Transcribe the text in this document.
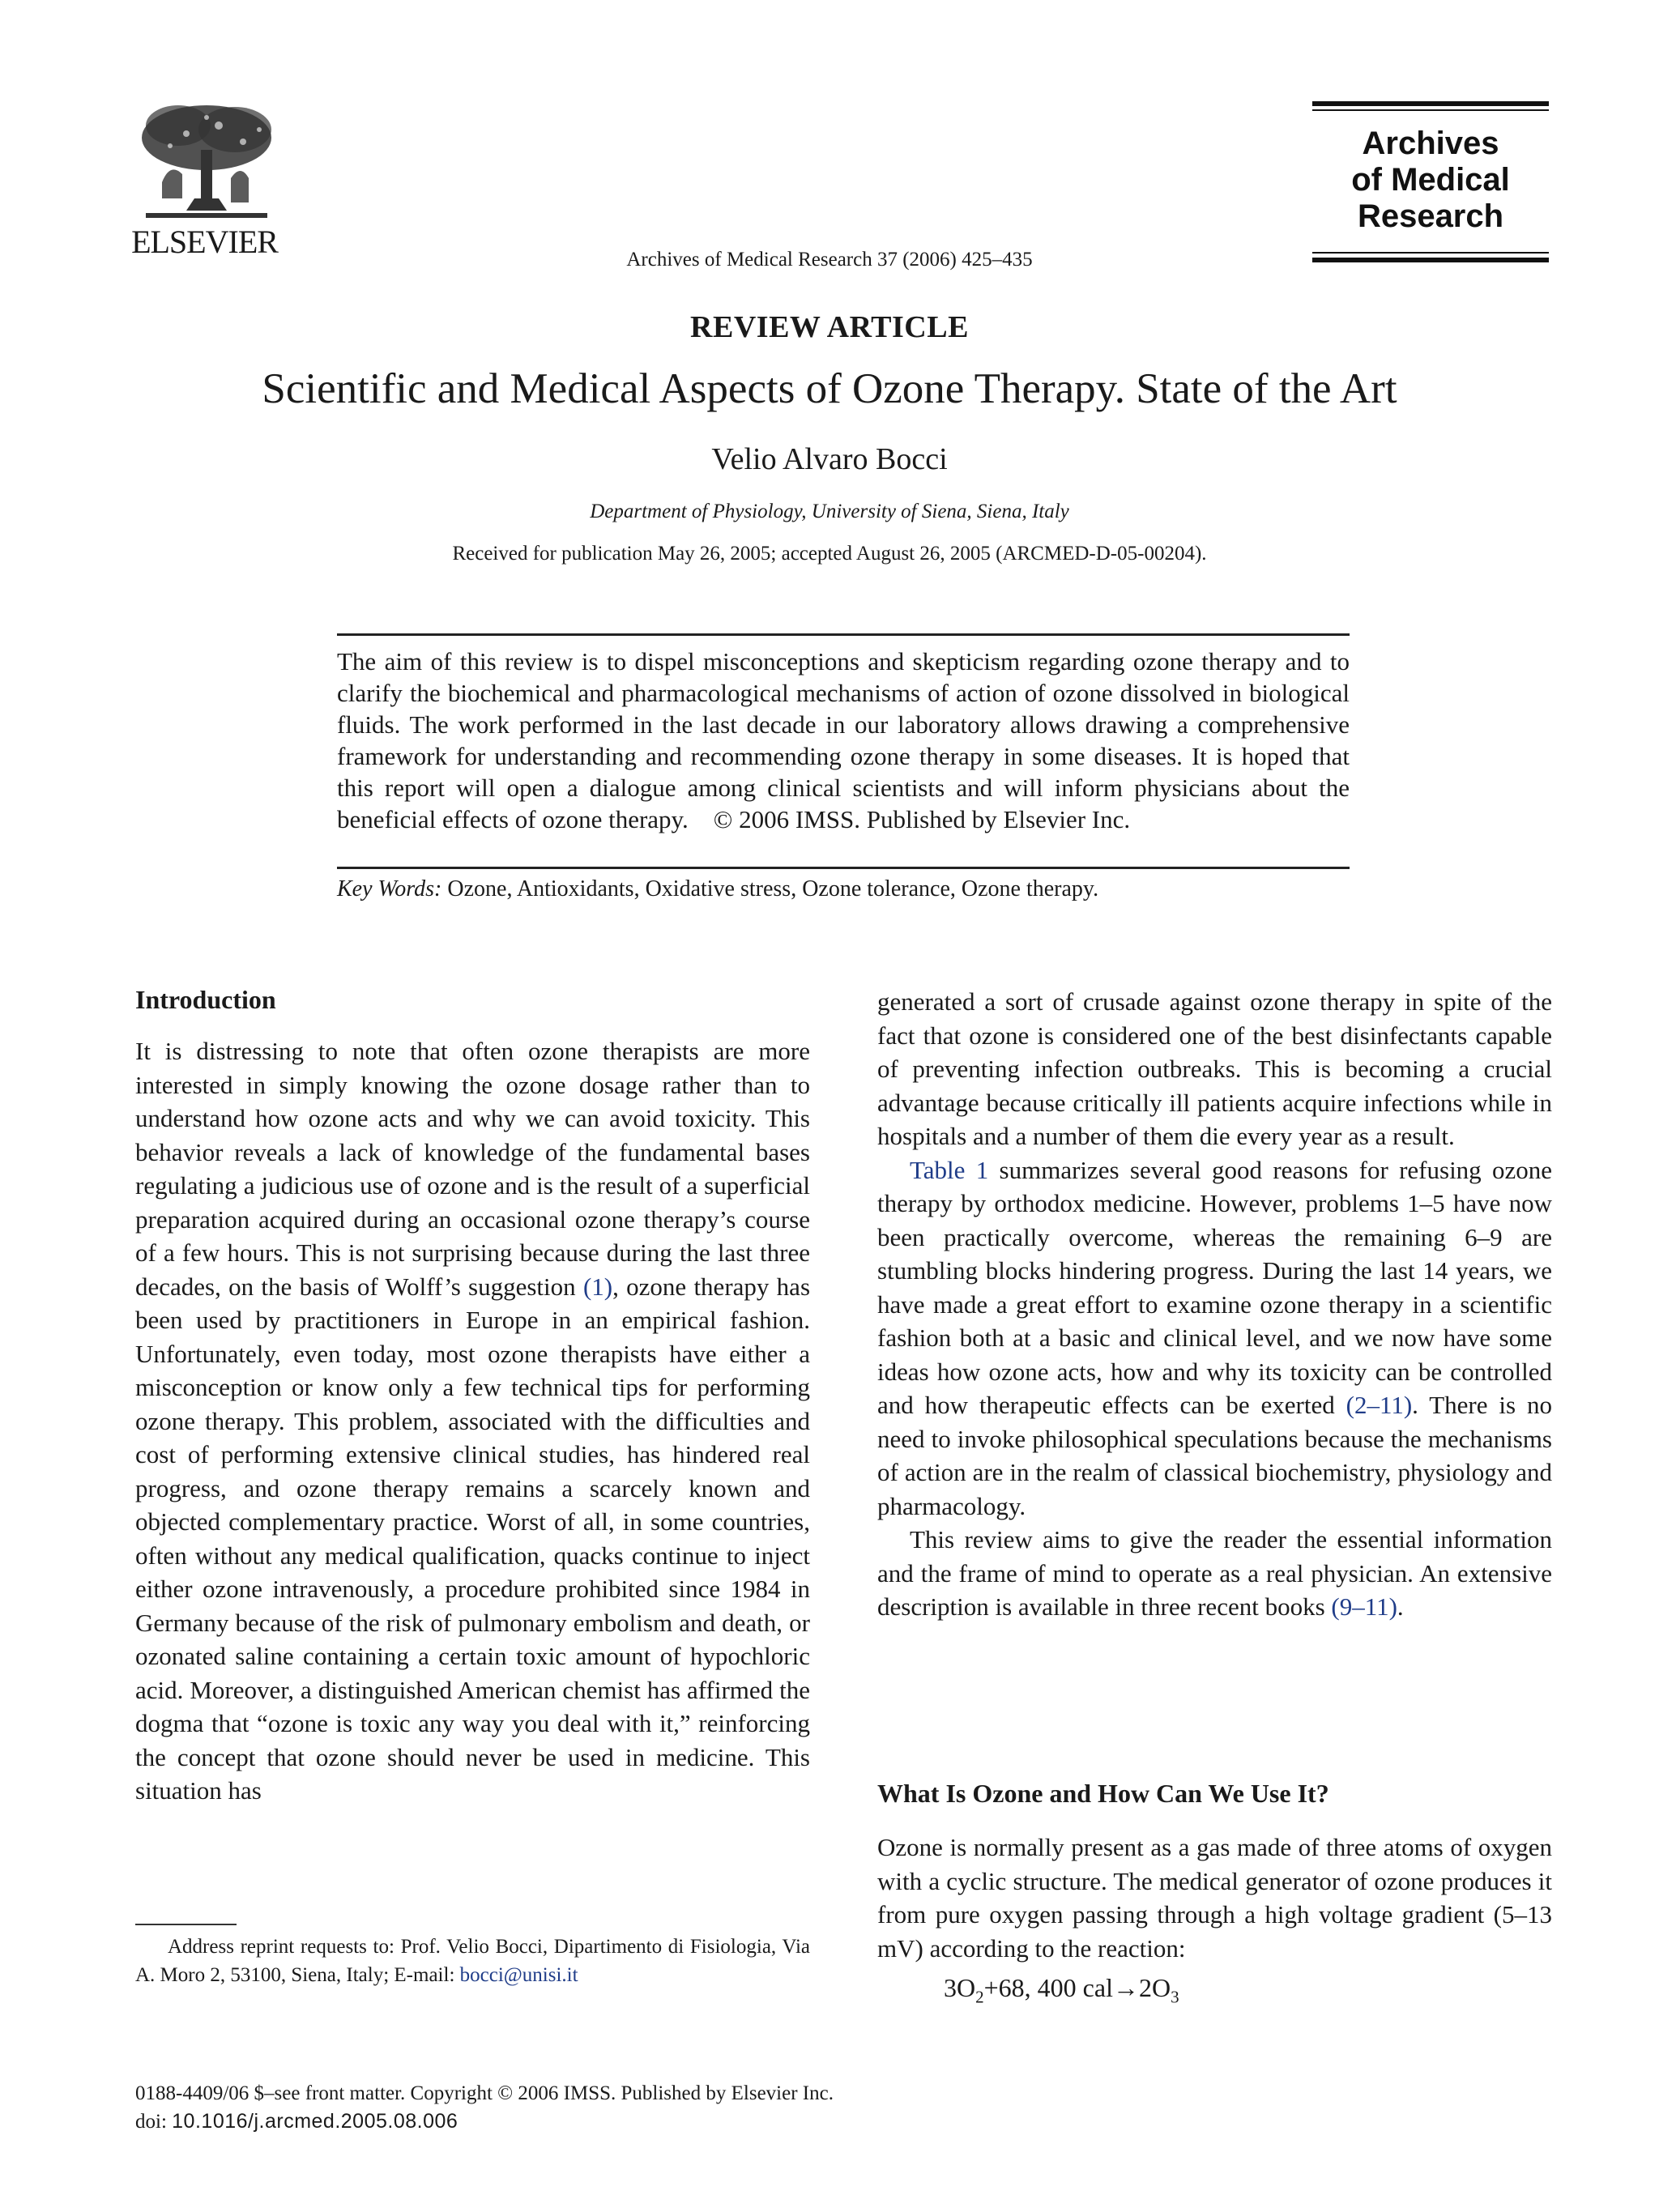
ELSEVIER	Archives of Medical Research 37 (2006) 425–435
Archives
of Medical
Research
REVIEW ARTICLE
Scientific and Medical Aspects of Ozone Therapy. State of the Art
Velio Alvaro Bocci
Department of Physiology, University of Siena, Siena, Italy
Received for publication May 26, 2005; accepted August 26, 2005 (ARCMED-D-05-00204).
The aim of this review is to dispel misconceptions and skepticism regarding ozone therapy and to clarify the biochemical and pharmacological mechanisms of action of ozone dissolved in biological fluids. The work performed in the last decade in our laboratory allows drawing a comprehensive framework for understanding and recommending ozone therapy in some diseases. It is hoped that this report will open a dialogue among clinical scientists and will inform physicians about the beneficial effects of ozone therapy. © 2006 IMSS. Published by Elsevier Inc.
Key Words: Ozone, Antioxidants, Oxidative stress, Ozone tolerance, Ozone therapy.
Introduction

It is distressing to note that often ozone therapists are more interested in simply knowing the ozone dosage rather than to understand how ozone acts and why we can avoid toxicity. This behavior reveals a lack of knowledge of the fundamental bases regulating a judicious use of ozone and is the result of a superficial preparation acquired during an occasional ozone therapy’s course of a few hours. This is not surprising because during the last three decades, on the basis of Wolff’s suggestion (1), ozone therapy has been used by practitioners in Europe in an empirical fashion. Unfortunately, even today, most ozone therapists have either a misconception or know only a few technical tips for performing ozone therapy. This problem, associated with the difficulties and cost of performing extensive clinical studies, has hindered real progress, and ozone therapy remains a scarcely known and objected complementary practice. Worst of all, in some countries, often without any medical qualification, quacks continue to inject either ozone intravenously, a procedure prohibited since 1984 in Germany because of the risk of pulmonary embolism and death, or ozonated saline containing a certain toxic amount of hypochloric acid. Moreover, a distinguished American chemist has affirmed the dogma that “ozone is toxic any way you deal with it,” reinforcing the concept that ozone should never be used in medicine. This situation has

Address reprint requests to: Prof. Velio Bocci, Dipartimento di Fisiologia, Via A. Moro 2, 53100, Siena, Italy; E-mail: bocci@unisi.it

generated a sort of crusade against ozone therapy in spite of the fact that ozone is considered one of the best disinfectants capable of preventing infection outbreaks. This is becoming a crucial advantage because critically ill patients acquire infections while in hospitals and a number of them die every year as a result.

Table 1 summarizes several good reasons for refusing ozone therapy by orthodox medicine. However, problems 1–5 have now been practically overcome, whereas the remaining 6–9 are stumbling blocks hindering progress. During the last 14 years, we have made a great effort to examine ozone therapy in a scientific fashion both at a basic and clinical level, and we now have some ideas how ozone acts, how and why its toxicity can be controlled and how therapeutic effects can be exerted (2–11). There is no need to invoke philosophical speculations because the mechanisms of action are in the realm of classical biochemistry, physiology and pharmacology.

This review aims to give the reader the essential information and the frame of mind to operate as a real physician. An extensive description is available in three recent books (9–11).

What Is Ozone and How Can We Use It?
Ozone is normally present as a gas made of three atoms of oxygen with a cyclic structure. The medical generator of ozone produces it from pure oxygen passing through a high voltage gradient (5–13 mV) according to the reaction:
$3O_2+68$, 400 $cal\to 2O_3$
0188-4409/06 $–see front matter. Copyright © 2006 IMSS. Published by Elsevier Inc.
doi: 10.1016/j.arcmed.2005.08.006
